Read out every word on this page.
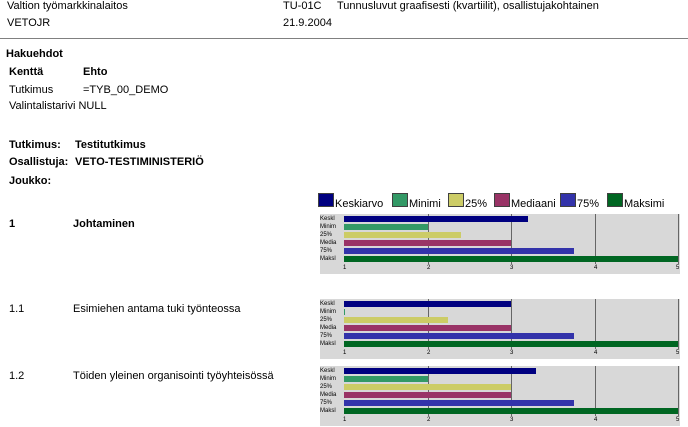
Valtion työmarkkinalaitos	TU-01C Tunnusluvut graafisesti (kvartiilit), osallistujakohtainen
VETOJR	21.9.2004
Hakuehdot
Kenttä	Ehto
Tutkimus	=TYB_00_DEMO
Valintalistarivi NULL
Tutkimus: Testitutkimus
Osallistuja: VETO-TESTIMINISTERIÖ
Joukko:
Keskiarvo Minimi 25% Mediaani 75% Maksimi
1	Johtaminen	Keskl
Minim
25%
Media
75%
Maksl
1	2	3	4	5
1.1	Esimiehen antama tuki työnteossa	Keskl
Minim
25%
Media
75%
Maksl
1	2	3	4	5
1.2	Töiden yleinen organisointi työyhteisössä	Keskl
Minim
25%
Media
75%
Maksl
1	2	3	4	5
